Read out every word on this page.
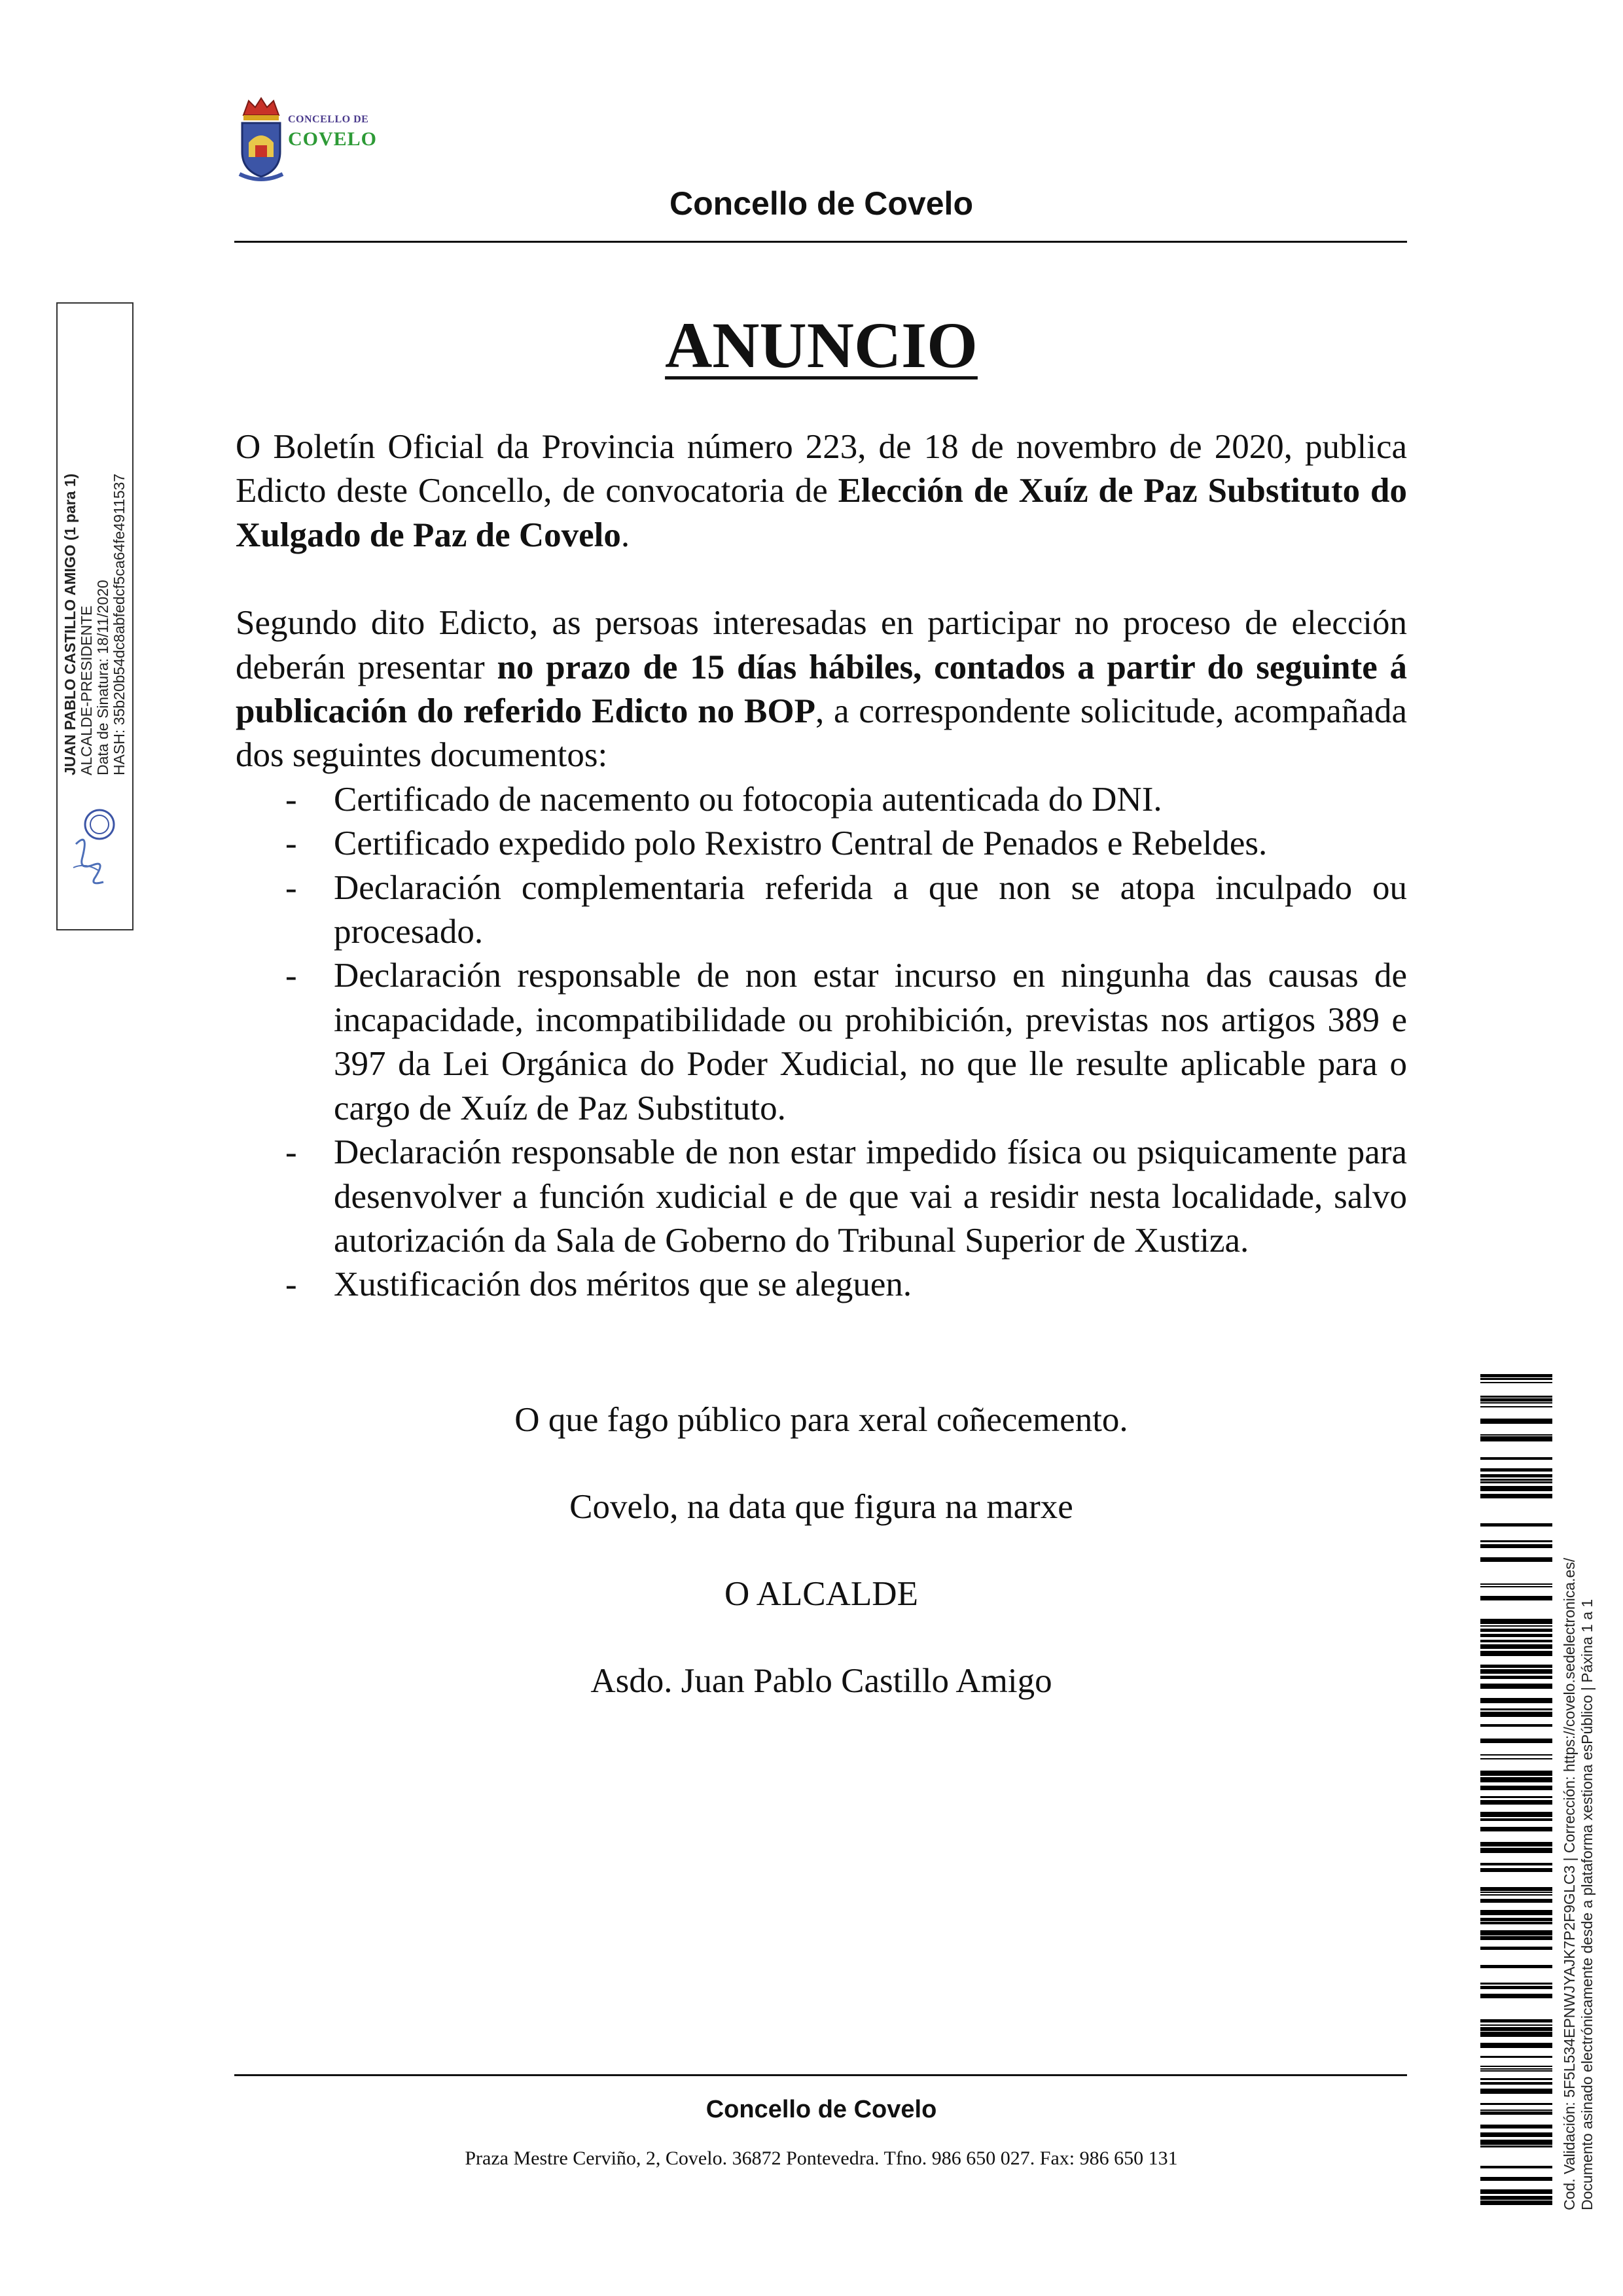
CONCELLO DE
COVELO
Concello de Covelo
ANUNCIO

O Boletín Oficial da Provincia número 223, de 18 de novembro de 2020, publica Edicto deste Concello, de convocatoria de Elección de Xuíz de Paz Substituto do Xulgado de Paz de Covelo.

Segundo dito Edicto, as persoas interesadas en participar no proceso de elección deberán presentar no prazo de 15 días hábiles, contados a partir do seguinte á publicación do referido Edicto no BOP, a correspondente solicitude, acompañada dos seguintes documentos:

- Certificado de nacemento ou fotocopia autenticada do DNI.
- Certificado expedido polo Rexistro Central de Penados e Rebeldes.
- Declaración complementaria referida a que non se atopa inculpado ou procesado.
- Declaración responsable de non estar incurso en ningunha das causas de incapacidade, incompatibilidade ou prohibición, previstas nos artigos 389 e 397 da Lei Orgánica do Poder Xudicial, no que lle resulte aplicable para o cargo de Xuíz de Paz Substituto.
- Declaración responsable de non estar impedido física ou psiquicamente para desenvolver a función xudicial e de que vai a residir nesta localidade, salvo autorización da Sala de Goberno do Tribunal Superior de Xustiza.
- Xustificación dos méritos que se aleguen.
O que fago público para xeral coñecemento.
Covelo, na data que figura na marxe
O ALCALDE
Asdo. Juan Pablo Castillo Amigo
Concello de Covelo
Praza Mestre Cerviño, 2, Covelo. 36872 Pontevedra. Tfno. 986 650 027. Fax: 986 650 131
JUAN PABLO CASTILLO AMIGO (1 para 1) ALCALDE-PRESIDENTE Data de Sinatura: 18/11/2020 HASH: 35b20b54dc8abfedcf5ca64fe4911537
Cod. Validación: 5F5L534EPNWJYAJK7P2F9GLC3 | Corrección: https://covelo.sedelectronica.es/ Documento asinado electrónicamente desde a plataforma xestiona esPúblico | Páxina 1 a 1
